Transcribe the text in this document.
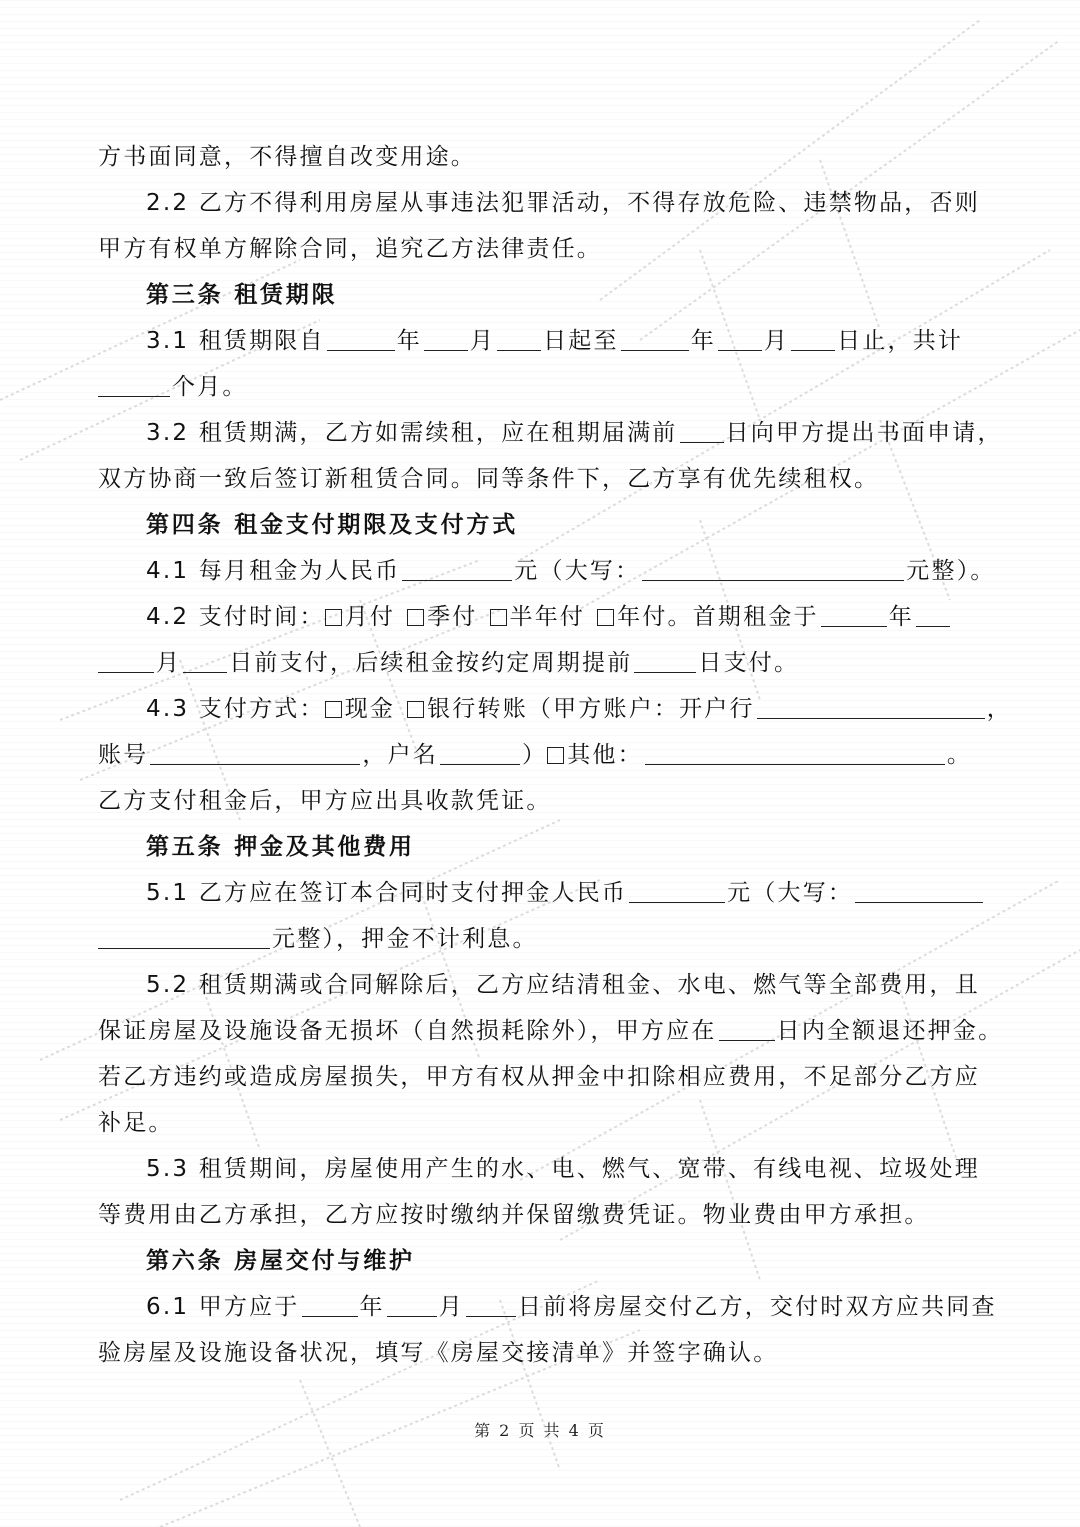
方书面同意，不得擅自改变用途。
2.2 乙方不得利用房屋从事违法犯罪活动，不得存放危险、违禁物品，否则
甲方有权单方解除合同，追究乙方法律责任。
第三条 租赁期限
3.1 租赁期限自	年 月 日起至	年 月 日止，共计
个月。
3.2 租赁期满，乙方如需续租，应在租期届满前 日向甲方提出书面申请，
双方协商一致后签订新租赁合同。同等条件下，乙方享有优先续租权。
第四条 租金支付期限及支付方式
4.1 每月租金为人民币	元（大写：	元整）。
4.2 支付时间： 月付 季付 半年付 年付。首期租金于	年
月 日前支付，后续租金按约定周期提前	日支付。
4.3 支付方式： 现金 银行转账（甲方账户：开户行	，
账号	，户名	） 其他：	。
乙方支付租金后，甲方应出具收款凭证。
第五条 押金及其他费用
5.1 乙方应在签订本合同时支付押金人民币	元（大写：
元整），押金不计利息。
5.2 租赁期满或合同解除后，乙方应结清租金、水电、燃气等全部费用，且
保证房屋及设施设备无损坏（自然损耗除外），甲方应在	日内全额退还押金。
若乙方违约或造成房屋损失，甲方有权从押金中扣除相应费用，不足部分乙方应
补足。
5.3 租赁期间，房屋使用产生的水、电、燃气、宽带、有线电视、垃圾处理
等费用由乙方承担，乙方应按时缴纳并保留缴费凭证。物业费由甲方承担。
第六条 房屋交付与维护
6.1 甲方应于	年 月 日前将房屋交付乙方，交付时双方应共同查
验房屋及设施设备状况，填写《房屋交接清单》并签字确认。
第 2 页 共 4 页
